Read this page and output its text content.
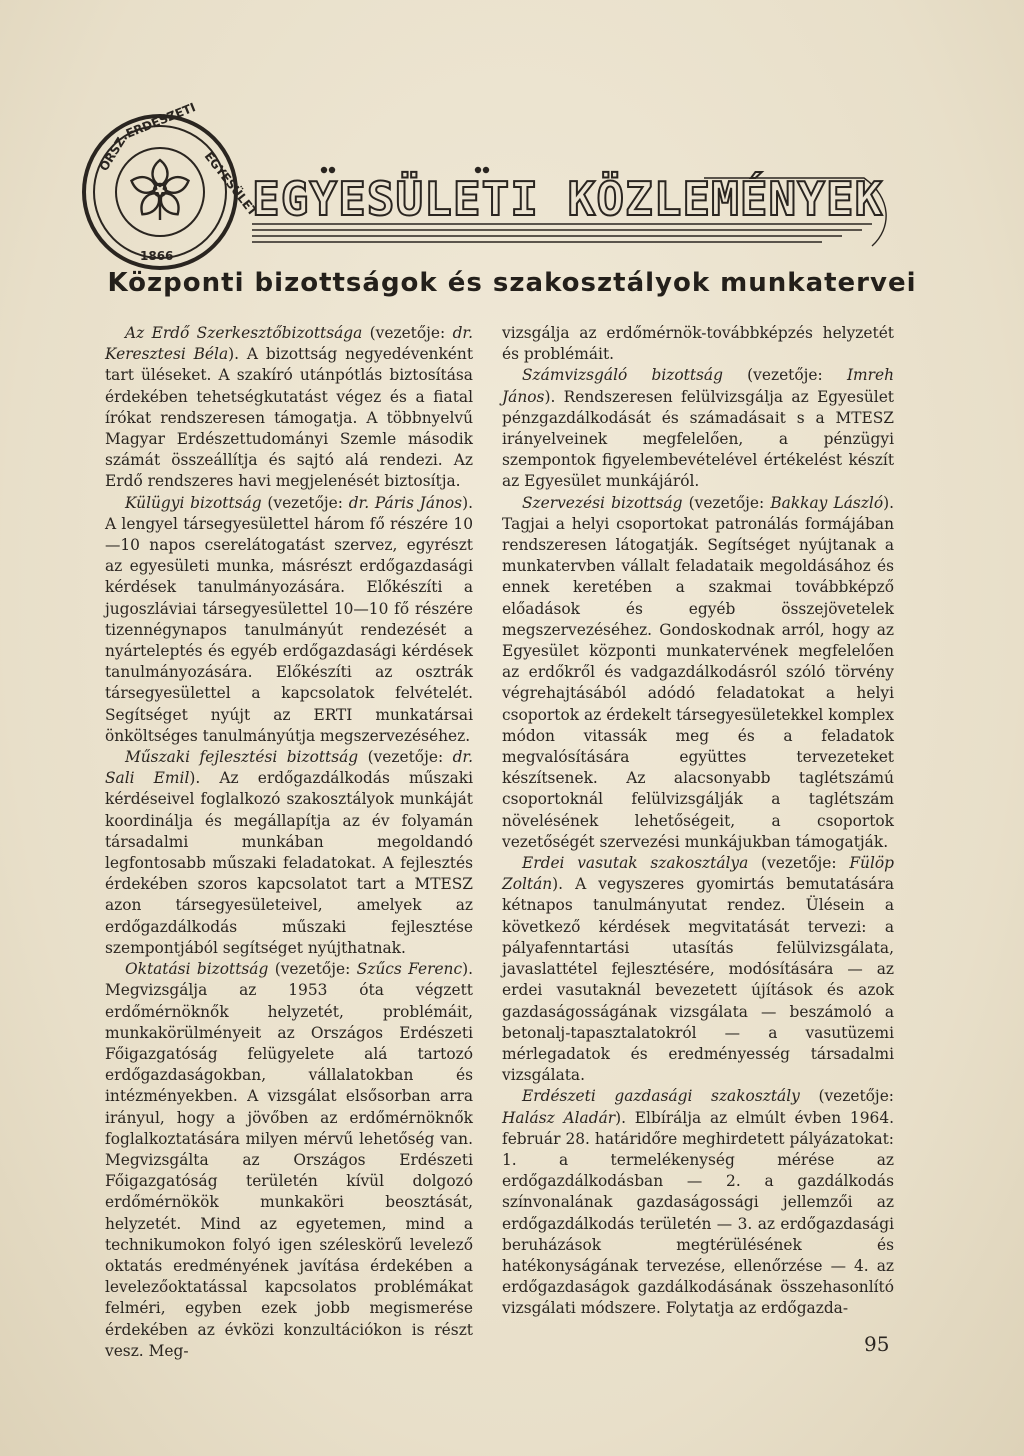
ORSZ.
ERDÉSZETI
EGYESÜLET
1866
EGYESÜLETI KÖZLEMÉNYEK
Központi bizottságok és szakosztályok munkatervei

Az Erdő Szerkesztőbizottsága (vezetője: dr. Keresztesi Béla). A bizottság negyedévenként tart üléseket. A szakíró utánpótlás biztosítása érdekében tehetségkutatást végez és a fiatal írókat rendszeresen támogatja. A többnyelvű Magyar Erdészettudományi Szemle második számát összeállítja és sajtó alá rendezi. Az Erdő rendszeres havi megjelenését biztosítja.

Külügyi bizottság (vezetője: dr. Páris János). A lengyel társegyesülettel három fő részére 10—10 napos cserelátogatást szervez, egyrészt az egyesületi munka, másrészt erdőgazdasági kérdések tanulmányozására. Előkészíti a jugoszláviai társegyesülettel 10—10 fő részére tizennégynapos tanulmányút rendezését a nyárteleptés és egyéb erdőgazdasági kérdések tanulmányozására. Előkészíti az osztrák társegyesülettel a kapcsolatok felvételét. Segítséget nyújt az ERTI munkatársai önköltséges tanulmányútja megszervezéséhez.

Műszaki fejlesztési bizottság (vezetője: dr. Sali Emil). Az erdőgazdálkodás műszaki kérdéseivel foglalkozó szakosztályok munkáját koordinálja és megállapítja az év folyamán társadalmi munkában megoldandó legfontosabb műszaki feladatokat. A fejlesztés érdekében szoros kapcsolatot tart a MTESZ azon társegyesületeivel, amelyek az erdőgazdálkodás műszaki fejlesztése szempontjából segítséget nyújthatnak.

Oktatási bizottság (vezetője: Szűcs Ferenc). Megvizsgálja az 1953 óta végzett erdőmérnöknők helyzetét, problémáit, munkakörülményeit az Országos Erdészeti Főigazgatóság felügyelete alá tartozó erdőgazdaságokban, vállalatokban és intézményekben. A vizsgálat elsősorban arra irányul, hogy a jövőben az erdőmérnöknők foglalkoztatására milyen mérvű lehetőség van. Megvizsgálta az Országos Erdészeti Főigazgatóság területén kívül dolgozó erdőmérnökök munkaköri beosztását, helyzetét. Mind az egyetemen, mind a technikumokon folyó igen széleskörű levelező oktatás eredményének javítása érdekében a levelezőoktatással kapcsolatos problémákat felméri, egyben ezek jobb megismerése érdekében az évközi konzultációkon is részt vesz. Meg-

vizsgálja az erdőmérnök-továbbképzés helyzetét és problémáit.

Számvizsgáló bizottság (vezetője: Imreh János). Rendszeresen felülvizsgálja az Egyesület pénzgazdálkodását és számadásait s a MTESZ irányelveinek megfelelően, a pénzügyi szempontok figyelembevételével értékelést készít az Egyesület munkájáról.

Szervezési bizottság (vezetője: Bakkay László). Tagjai a helyi csoportokat patronálás formájában rendszeresen látogatják. Segítséget nyújtanak a munkatervben vállalt feladataik megoldásához és ennek keretében a szakmai továbbképző előadások és egyéb összejövetelek megszervezéséhez. Gondoskodnak arról, hogy az Egyesület központi munkatervének megfelelően az erdőkről és vadgazdálkodásról szóló törvény végrehajtásából adódó feladatokat a helyi csoportok az érdekelt társegyesületekkel komplex módon vitassák meg és a feladatok megvalósítására együttes tervezeteket készítsenek. Az alacsonyabb taglétszámú csoportoknál felülvizsgálják a taglétszám növelésének lehetőségeit, a csoportok vezetőségét szervezési munkájukban támogatják.

Erdei vasutak szakosztálya (vezetője: Fülöp Zoltán). A vegyszeres gyomirtás bemutatására kétnapos tanulmányutat rendez. Ülésein a következő kérdések megvitatását tervezi: a pályafenntartási utasítás felülvizsgálata, javaslattétel fejlesztésére, modósítására — az erdei vasutaknál bevezetett újítások és azok gazdaságosságának vizsgálata — beszámoló a betonalj-tapasztalatokról — a vasutüzemi mérlegadatok és eredményesség társadalmi vizsgálata.

Erdészeti gazdasági szakosztály (vezetője: Halász Aladár). Elbírálja az elmúlt évben 1964. február 28. határidőre meghirdetett pályázatokat: 1. a termelékenység mérése az erdőgazdálkodásban — 2. a gazdálkodás színvonalának gazdaságossági jellemzői az erdőgazdálkodás területén — 3. az erdőgazdasági beruházások megtérülésének és hatékonyságának tervezése, ellenőrzése — 4. az erdőgazdaságok gazdálkodásának összehasonlító vizsgálati módszere. Folytatja az erdőgazda-

95
